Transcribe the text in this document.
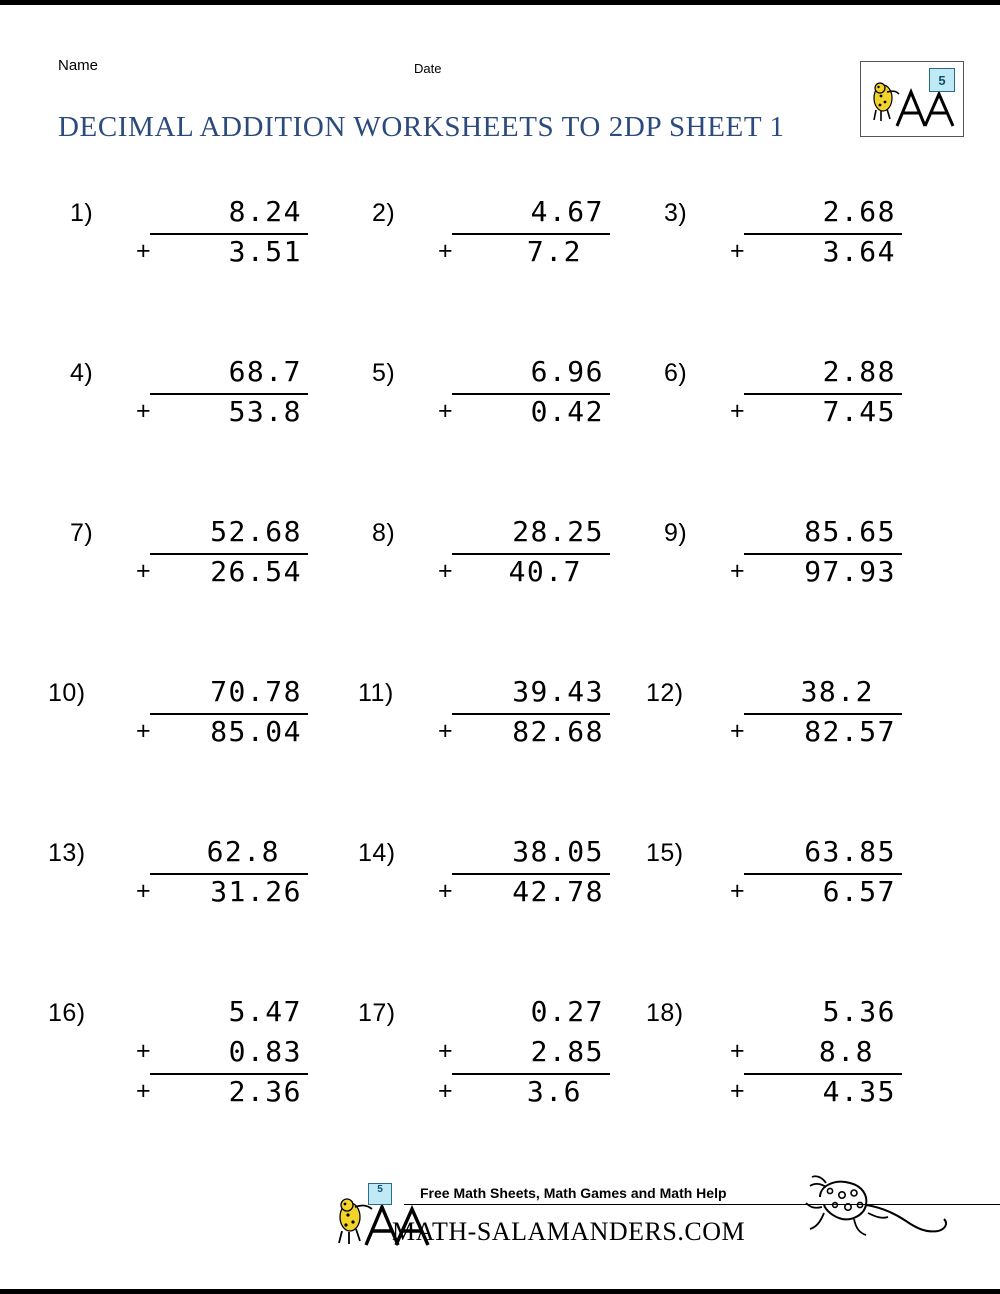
Name	Date
DECIMAL ADDITION WORKSHEETS TO 2DP SHEET 1
5
1)	8.24
+	3.51
2)	4.67
+	7.2
3)	2.68
+	3.64
4)	68.7
+	53.8
5)	6.96
+	0.42
6)	2.88
+	7.45
7)	52.68
+ 26.54
8)	28.25
+ 40.7
9)	85.65
+ 97.93
10)	70.78
+ 85.04
11)	39.43
+ 82.68
12)	38.2
+ 82.57
13)	62.8
+ 31.26
14)	38.05
+ 42.78
15)	63.85
+	6.57
16)	5.47
+	0.83
+	2.36
17)	0.27
+	2.85
+	3.6
18)	5.36
+	8.8
+	4.35
5	Free Math Sheets, Math Games and Math Help
MATH-SALAMANDERS.COM
